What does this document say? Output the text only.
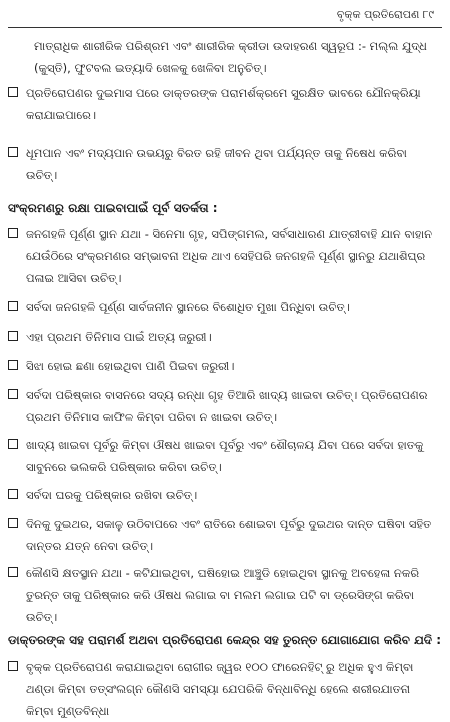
ବୃକ୍କ ପ୍ରତିରୋପଣ ୮୯

ମାତ୍ରାଧିକ ଶାରୀରିକ ପରିଶ୍ରମ ଏବଂ ଶାରୀରିକ କ୍ରୀଡା ଉଦାହରଣ ସ୍ୱରୂପ :- ମଲ୍ଲ ଯୁଦ୍ଧ (କୁସ୍ତି), ଫୁଟବଲ ଇତ୍ୟାଦି ଖେଳକୁ ଖେଳିବା ଅନୁଚିତ୍।

ପ୍ରତିରୋପଣର ଦୁଇମାସ ପରେ ଡାକ୍ତରଙ୍କ ପରାମର୍ଶକ୍ରମେ ସୁରକ୍ଷିତ ଭାବରେ ଯୌନକ୍ରିୟା କରାଯାଇପାରେ।
ଧୂମପାନ ଏବଂ ମଦ୍ୟପାନ ଉଭୟରୁ ବିରତ ରହି ଜୀବନ ଥିବା ପର୍ଯ୍ୟନ୍ତ ତାକୁ ନିଷେଧ କରିବା ଉଚିତ୍।
ସଂକ୍ରମଣରୁ ରକ୍ଷା ପାଇବାପାଇଁ ପୂର୍ବ ସତର୍କତା :
ଜନଗହଳି ପୂର୍ଣ୍ଣ ସ୍ଥାନ ଯଥା - ସିନେମା ଗୃହ, ସପିଙ୍ଗମଲ, ସର୍ବସାଧାରଣ ଯାତ୍ରୀବାହି ଯାନ ବାହାନ ଯେଉଁଠିରେ ସଂକ୍ରମଣର ସମ୍ଭାବନା ଅଧିକ ଥାଏ ସେହିପରି ଜନଗହଳି ପୂର୍ଣ୍ଣ ସ୍ଥାନରୁ ଯଥାଶିଘ୍ର ପଳାଇ ଆସିବା ଉଚିତ୍।
ସର୍ବଦା ଜନଗହଳି ପୂର୍ଣ୍ଣ ସାର୍ବଜନୀନ ସ୍ଥାନରେ ବିଶୋଧିତ ମୁଖା ପିନ୍ଧିବା ଉଚିତ୍।
ଏହା ପ୍ରଥମ ତିନିମାସ ପାଇଁ ଅତ୍ୟ ଜରୁରୀ।
ସିଝା ହୋଇ ଛଣା ହୋଇଥିବା ପାଣି ପିଇବା ଜରୁରୀ।
ସର୍ବଦା ପରିଷ୍କାର ବାସନରେ ସଦ୍ୟ ରନ୍ଧା ଗୃହ ତିଆରି ଖାଦ୍ୟ ଖାଇବା ଉଚିତ୍। ପ୍ରତିରୋପଣର ପ୍ରଥମ ତିନିମାସ କାଫିଳ କିମ୍ବା ପରିବା ନ ଖାଇବା ଉଚିତ୍।
ଖାଦ୍ୟ ଖାଇବା ପୂର୍ବରୁ କିମ୍ବା ଔଷଧ ଖାଇବା ପୂର୍ବରୁ ଏବଂ ଶୌଚାଳୟ ଯିବା ପରେ ସର୍ବଦା ହାତକୁ ସାବୁନରେ ଭଲକରି ପରିଷ୍କାର କରିବା ଉଚିତ୍।
ସର୍ବଦା ଘରକୁ ପରିଷ୍କାର ରଖିବା ଉଚିତ୍।
ଦିନକୁ ଦୁଇଥର, ସକାଳୁ ଉଠିବାପରେ ଏବଂ ରାତିରେ ଶୋଇବା ପୂର୍ବରୁ ଦୁଇଥର ଦାନ୍ତ ଘଷିବା ସହିତ ଦାନ୍ତର ଯତ୍ନ ନେବା ଉଚିତ୍।
କୌଣସି କ୍ଷତସ୍ଥାନ ଯଥା - କଟିଯାଇଥିବା, ଘଷିହୋଇ ଆଞ୍ଚୁଡି ହୋଇଥିବା ସ୍ଥାନକୁ ଅବହେଳା ନକରି ତୁରନ୍ତ ତାକୁ ପରିଷ୍କାର କରି ଔଷଧ ଲଗାଇ ବା ମଲମ ଲଗାଇ ପଟି ବା ଡ୍ରେସିଙ୍ଗ କରିବା ଉଚିତ୍।
ଡାକ୍ତରଙ୍କ ସହ ପରାମର୍ଶ ଅଥବା ପ୍ରତିରୋପଣ କେନ୍ଦ୍ର ସହ ତୁରନ୍ତ ଯୋଗାଯୋଗ କରିବ ଯଦି :
ବୃକ୍କ ପ୍ରତିରୋପଣ କରାଯାଇଥିବା ରୋଗୀର ଜ୍ୱର ୧୦୦ ଫାରେନହିଟ୍ ରୁ ଅଧିକ ହୁଏ କିମ୍ବା ଥଣ୍ଡା କିମ୍ବା ତତ୍ସଂଲଗ୍ନ କୌଣସି ସମସ୍ୟା ଯେପରିକି ବିନ୍ଧାବିନ୍ଧି ହେଲେ ଶରୀରଯାତନା କିମ୍ବା ମୁଣ୍ଡବିନ୍ଧା
